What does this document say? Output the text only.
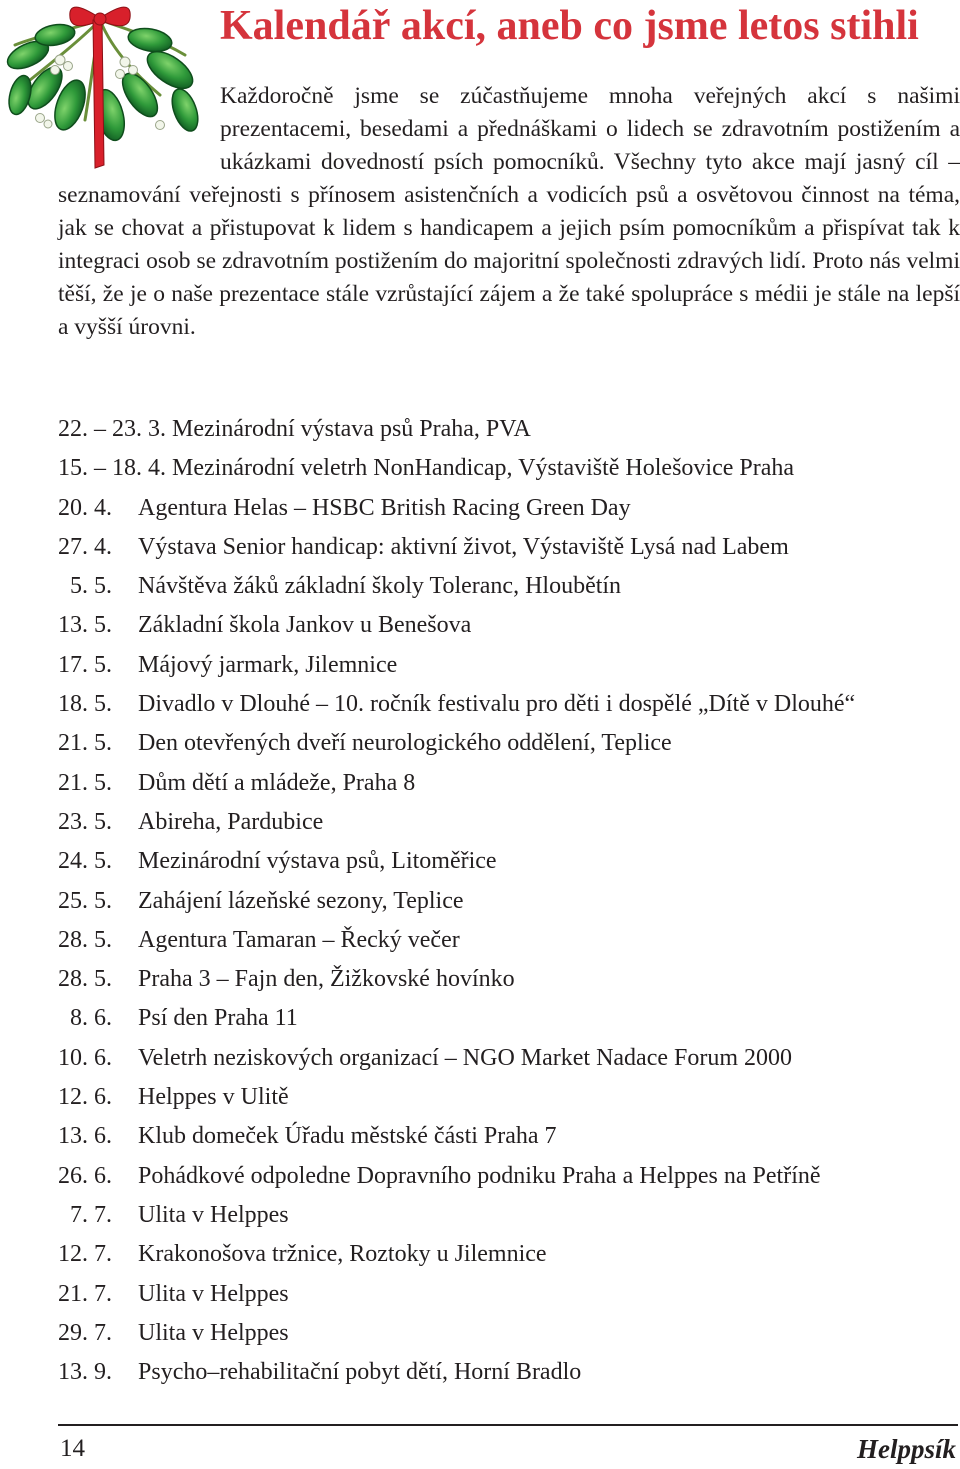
Kalendář akcí, aneb co jsme letos stihli

Každoročně jsme se zúčastňujeme mnoha veřejných akcí s našimi prezentacemi, besedami a přednáškami o lidech se zdravotním postižením a ukázkami dovedností psích pomocníků. Všechny tyto akce mají jasný cíl – seznamování veřejnosti s přínosem asistenčních a vodicích psů a osvětovou činnost na téma, jak se chovat a přistupovat k lidem s handicapem a jejich psím pomocníkům a přispívat tak k integraci osob se zdravotním postižením do majoritní společnosti zdravých lidí. Proto nás velmi těší, že je o naše prezentace stále vzrůstající zájem a že také spolupráce s médii je stále na lepší a vyšší úrovni.

22. – 23. 3. Mezinárodní výstava psů Praha, PVA
15. – 18. 4. Mezinárodní veletrh NonHandicap, Výstaviště Holešovice Praha
20. 4.	Agentura Helas – HSBC British Racing Green Day
27. 4.	Výstava Senior handicap: aktivní život, Výstaviště Lysá nad Labem
5. 5.	Návštěva žáků základní školy Toleranc, Hloubětín
13. 5.	Základní škola Jankov u Benešova
17. 5.	Májový jarmark, Jilemnice
18. 5.	Divadlo v Dlouhé – 10. ročník festivalu pro děti i dospělé „Dítě v Dlouhé“
21. 5.	Den otevřených dveří neurologického oddělení, Teplice
21. 5.	Dům dětí a mládeže, Praha 8
23. 5.	Abireha, Pardubice
24. 5.	Mezinárodní výstava psů, Litoměřice
25. 5.	Zahájení lázeňské sezony, Teplice
28. 5.	Agentura Tamaran – Řecký večer
28. 5.	Praha 3 – Fajn den, Žižkovské hovínko
8. 6.	Psí den Praha 11
10. 6.	Veletrh neziskových organizací – NGO Market Nadace Forum 2000
12. 6.	Helppes v Ulitě
13. 6.	Klub domeček Úřadu městské části Praha 7
26. 6.	Pohádkové odpoledne Dopravního podniku Praha a Helppes na Petříně
7. 7.	Ulita v Helppes
12. 7.	Krakonošova tržnice, Roztoky u Jilemnice
21. 7.	Ulita v Helppes
29. 7.	Ulita v Helppes
13. 9.	Psycho–rehabilitační pobyt dětí, Horní Bradlo
14	Helppsík
